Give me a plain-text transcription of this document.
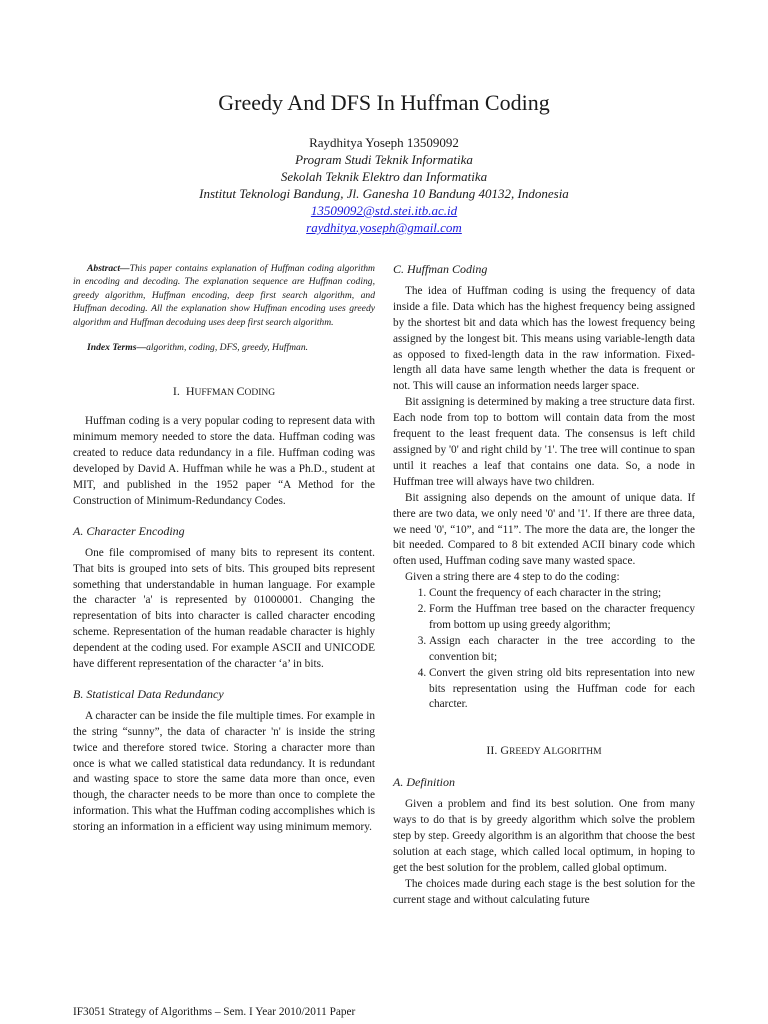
Greedy And DFS In Huffman Coding
Raydhitya Yoseph 13509092
Program Studi Teknik Informatika
Sekolah Teknik Elektro dan Informatika
Institut Teknologi Bandung, Jl. Ganesha 10 Bandung 40132, Indonesia
13509092@std.stei.itb.ac.id
raydhitya.yoseph@gmail.com

Abstract—This paper contains explanation of Huffman coding algorithm in encoding and decoding. The explanation sequence are Huffman coding, greedy algorithm, Huffman encoding, deep first search algorithm, and Huffman decoding. All the explanation show Huffman encoding uses greedy algorithm and Huffman decoduing uses deep first search algorithm.

Index Terms—algorithm, coding, DFS, greedy, Huffman.

I. HUFFMAN CODING

Huffman coding is a very popular coding to represent data with minimum memory needed to store the data. Huffman coding was created to reduce data redundancy in a file. Huffman coding was developed by David A. Huffman while he was a Ph.D., student at MIT, and published in the 1952 paper “A Method for the Construction of Minimum-Redundancy Codes.

A. Character Encoding

One file compromised of many bits to represent its content. That bits is grouped into sets of bits. This grouped bits represent something that understandable in human language. For example the character 'a' is represented by 01000001. Changing the representation of bits into character is called character encoding scheme. Representation of the human readable character is highly dependent at the coding used. For example ASCII and UNICODE have different representation of the character ‘a’ in bits.

B. Statistical Data Redundancy

A character can be inside the file multiple times. For example in the string “sunny”, the data of character 'n' is inside the string twice and therefore stored twice. Storing a character more than once is what we called statistical data redundancy. It is redundant and wasting space to store the same data more than once, even though, the character needs to be more than once to complete the information. This what the Huffman coding accomplishes which is storing an information in a efficient way using minimum memory.

C. Huffman Coding

The idea of Huffman coding is using the frequency of data inside a file. Data which has the highest frequency being assigned by the shortest bit and data which has the lowest frequency being assigned by the longest bit. This means using variable-length data as opposed to fixed-length data in the raw information. Fixed-length all data have same length whether the data is frequent or not. This will cause an information needs larger space.

Bit assigning is determined by making a tree structure data first. Each node from top to bottom will contain data from the most frequent to the least frequent data. The consensus is left child assigned by '0' and right child by '1'. The tree will continue to span until it reaches a leaf that contains one data. So, a node in Huffman tree will always have two children.

Bit assigning also depends on the amount of unique data. If there are two data, we only need '0' and '1'. If there are three data, we need '0', “10”, and “11”. The more the data are, the longer the bit needed. Compared to 8 bit extended ACII binary code which often used, Huffman coding save many wasted space.

Given a string there are 4 step to do the coding:

1. Count the frequency of each character in the string;
2. Form the Huffman tree based on the character frequency from bottom up using greedy algorithm;
3. Assign each character in the tree according to the convention bit;
4. Convert the given string old bits representation into new bits representation using the Huffman code for each charcter.
II. GREEDY ALGORITHM
A. Definition

Given a problem and find its best solution. One from many ways to do that is by greedy algorithm which solve the problem step by step. Greedy algorithm is an algorithm that choose the best solution at each stage, which called local optimum, in hoping to get the best solution for the problem, called global optimum.

The choices made during each stage is the best solution for the current stage and without calculating future

IF3051 Strategy of Algorithms – Sem. I Year 2010/2011 Paper
